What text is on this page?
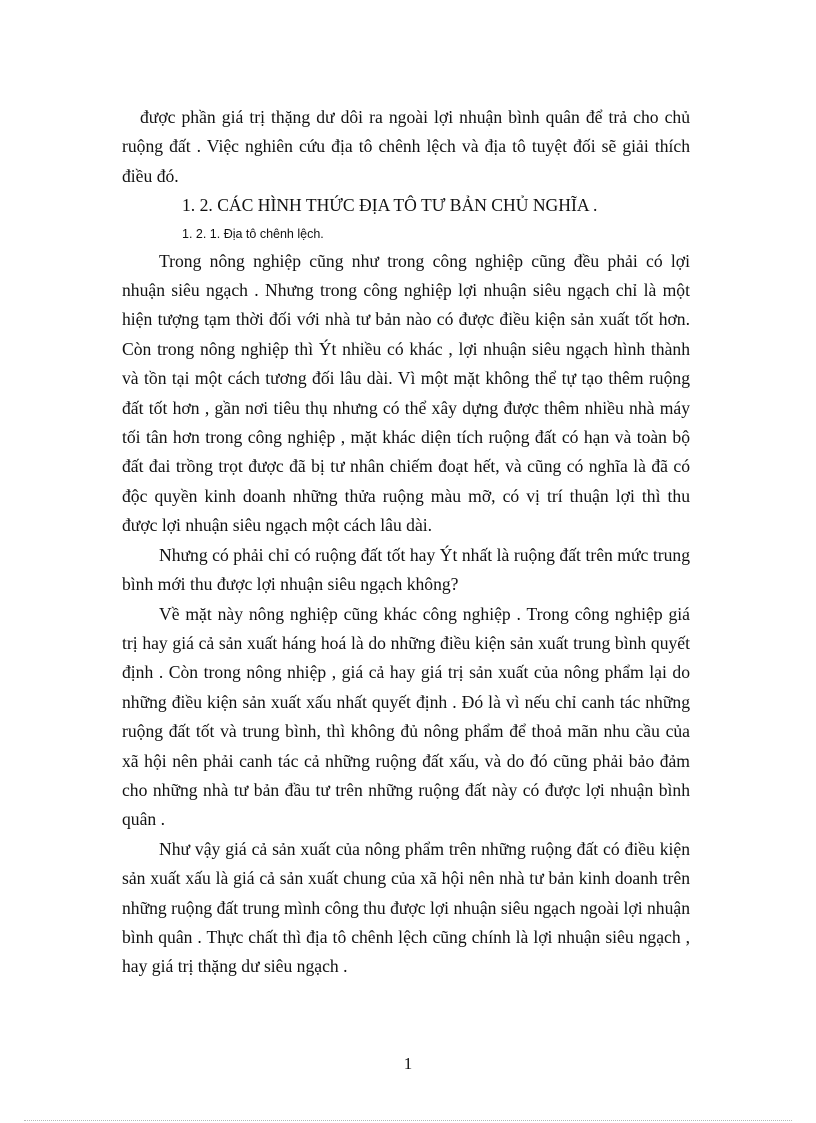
được phần giá trị thặng dư dôi ra ngoài lợi nhuận bình quân để trả cho chủ ruộng đất . Việc nghiên cứu địa tô chênh lệch và địa tô tuyệt đối sẽ giải thích điều đó.

1. 2. CÁC HÌNH THỨC ĐỊA TÔ TƯ BẢN CHỦ NGHĨA .

1. 2. 1. Địa tô chênh lệch.

Trong nông nghiệp cũng như trong công nghiệp cũng đều phải có lợi nhuận siêu ngạch . Nhưng trong công nghiệp lợi nhuận siêu ngạch chỉ là một hiện tượng tạm thời đối với nhà tư bản nào có được điều kiện sản xuất tốt hơn. Còn trong nông nghiệp thì Ýt nhiều có khác , lợi nhuận siêu ngạch hình thành và tồn tại một cách tương đối lâu dài. Vì một mặt không thể tự tạo thêm ruộng đất tốt hơn , gần nơi tiêu thụ nhưng có thể xây dựng được thêm nhiều nhà máy tối tân hơn trong công nghiệp , mặt khác diện tích ruộng đất có hạn và toàn bộ đất đai trồng trọt được đã bị tư nhân chiếm đoạt hết, và cũng có nghĩa là đã có độc quyền kinh doanh những thửa ruộng màu mỡ, có vị trí thuận lợi thì thu được lợi nhuận siêu ngạch một cách lâu dài.

Nhưng có phải chỉ có ruộng đất tốt hay Ýt nhất là ruộng đất trên mức trung bình mới thu được lợi nhuận siêu ngạch không?

Về mặt này nông nghiệp cũng khác công nghiệp . Trong công nghiệp giá trị hay giá cả sản xuất háng hoá là do những điều kiện sản xuất trung bình quyết định . Còn trong nông nhiệp , giá cả hay giá trị sản xuất của nông phẩm lại do những điều kiện sản xuất xấu nhất quyết định . Đó là vì nếu chỉ canh tác những ruộng đất tốt và trung bình, thì không đủ nông phẩm để thoả mãn nhu cầu của xã hội nên phải canh tác cả những ruộng đất xấu, và do đó cũng phải bảo đảm cho những nhà tư bản đầu tư trên những ruộng đất này có được lợi nhuận bình quân .

Như vậy giá cả sản xuất của nông phẩm trên những ruộng đất có điều kiện sản xuất xấu là giá cả sản xuất chung của xã hội nên nhà tư bản kinh doanh trên những ruộng đất trung mình công thu được lợi nhuận siêu ngạch ngoài lợi nhuận bình quân . Thực chất thì địa tô chênh lệch cũng chính là lợi nhuận siêu ngạch , hay giá trị thặng dư siêu ngạch .

1
